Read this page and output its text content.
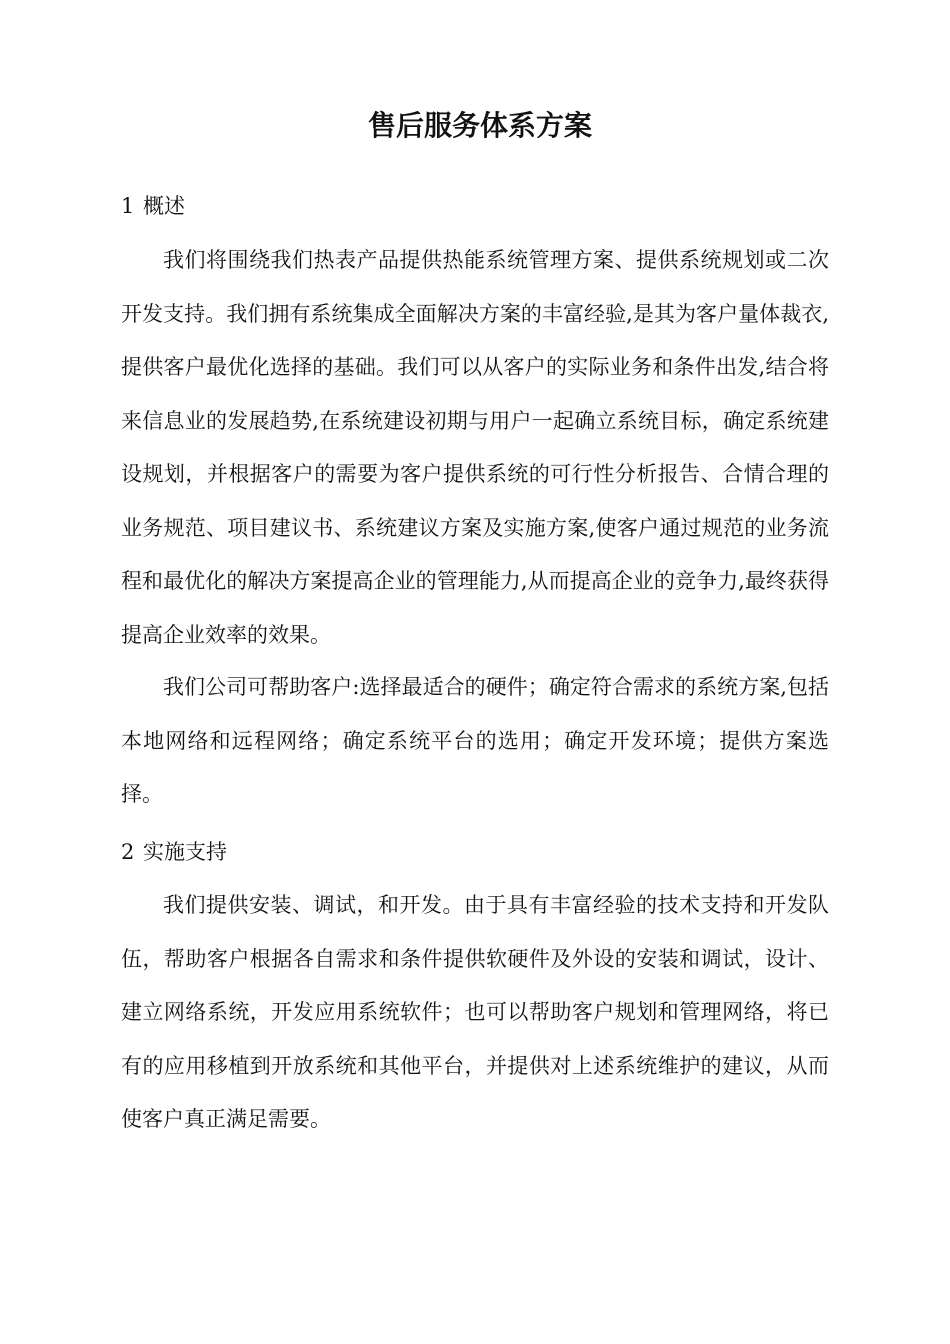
售后服务体系方案
1 概述

我们将围绕我们热表产品提供热能系统管理方案、提供系统规划或二次开发支持。我们拥有系统集成全面解决方案的丰富经验,是其为客户量体裁衣,提供客户最优化选择的基础。我们可以从客户的实际业务和条件出发,结合将来信息业的发展趋势,在系统建设初期与用户一起确立系统目标，确定系统建设规划，并根据客户的需要为客户提供系统的可行性分析报告、合情合理的业务规范、项目建议书、系统建议方案及实施方案,使客户通过规范的业务流程和最优化的解决方案提高企业的管理能力,从而提高企业的竞争力,最终获得提高企业效率的效果。

我们公司可帮助客户:选择最适合的硬件；确定符合需求的系统方案,包括本地网络和远程网络；确定系统平台的选用；确定开发环境；提供方案选择。

2 实施支持

我们提供安装、调试，和开发。由于具有丰富经验的技术支持和开发队伍，帮助客户根据各自需求和条件提供软硬件及外设的安装和调试，设计、建立网络系统，开发应用系统软件；也可以帮助客户规划和管理网络，将已有的应用移植到开放系统和其他平台，并提供对上述系统维护的建议，从而使客户真正满足需要。
